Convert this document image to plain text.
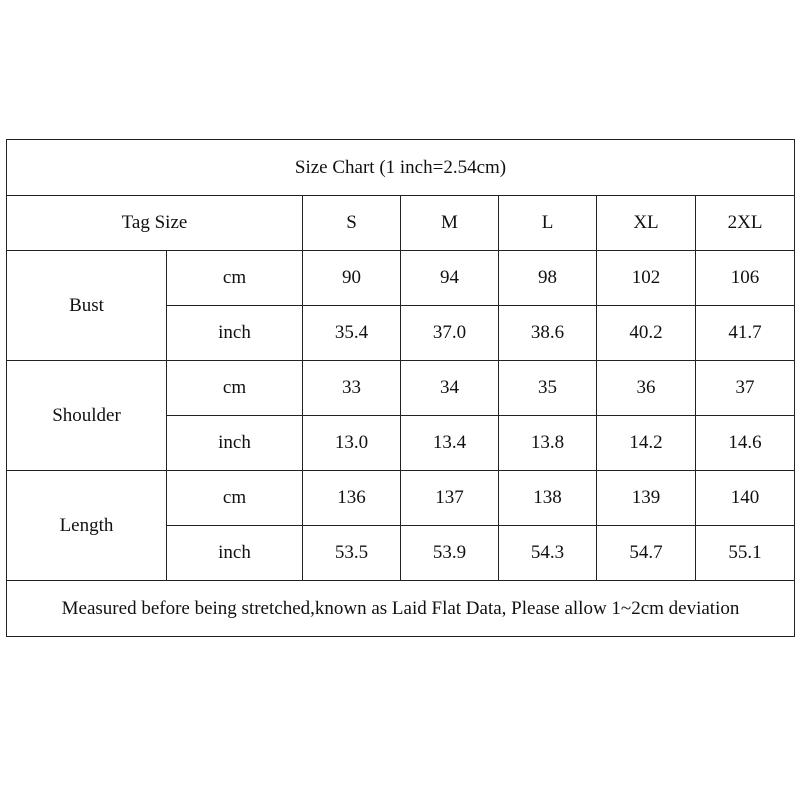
Size Chart (1 inch=2.54cm)						
Tag Size		S	M	L	XL	2XL
Bust	cm	90	94	98	102	106
	inch	35.4	37.0	38.6	40.2	41.7
Shoulder	cm	33	34	35	36	37
	inch	13.0	13.4	13.8	14.2	14.6
Length	cm	136	137	138	139	140
	inch	53.5	53.9	54.3	54.7	55.1
Measured before being stretched,known as Laid Flat Data, Please allow 1~2cm deviation						
